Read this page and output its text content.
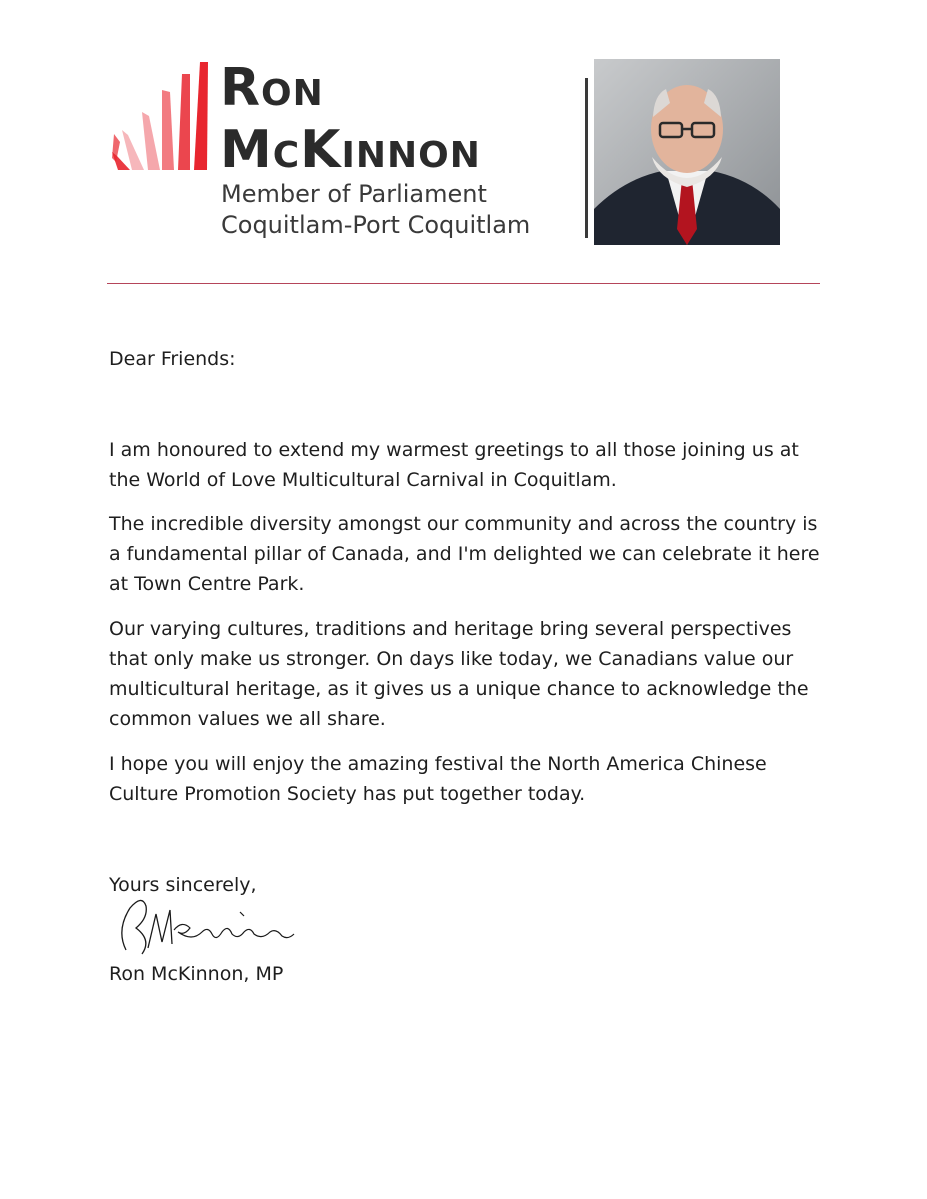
Ron
McKinnon
Member of Parliament
Coquitlam-Port Coquitlam

Dear Friends:

I am honoured to extend my warmest greetings to all those joining us at the World of Love Multicultural Carnival in Coquitlam.

The incredible diversity amongst our community and across the country is a fundamental pillar of Canada, and I'm delighted we can celebrate it here at Town Centre Park.

Our varying cultures, traditions and heritage bring several perspectives that only make us stronger. On days like today, we Canadians value our multicultural heritage, as it gives us a unique chance to acknowledge the common values we all share.

I hope you will enjoy the amazing festival the North America Chinese Culture Promotion Society has put together today.

Yours sincerely,

Ron McKinnon, MP
